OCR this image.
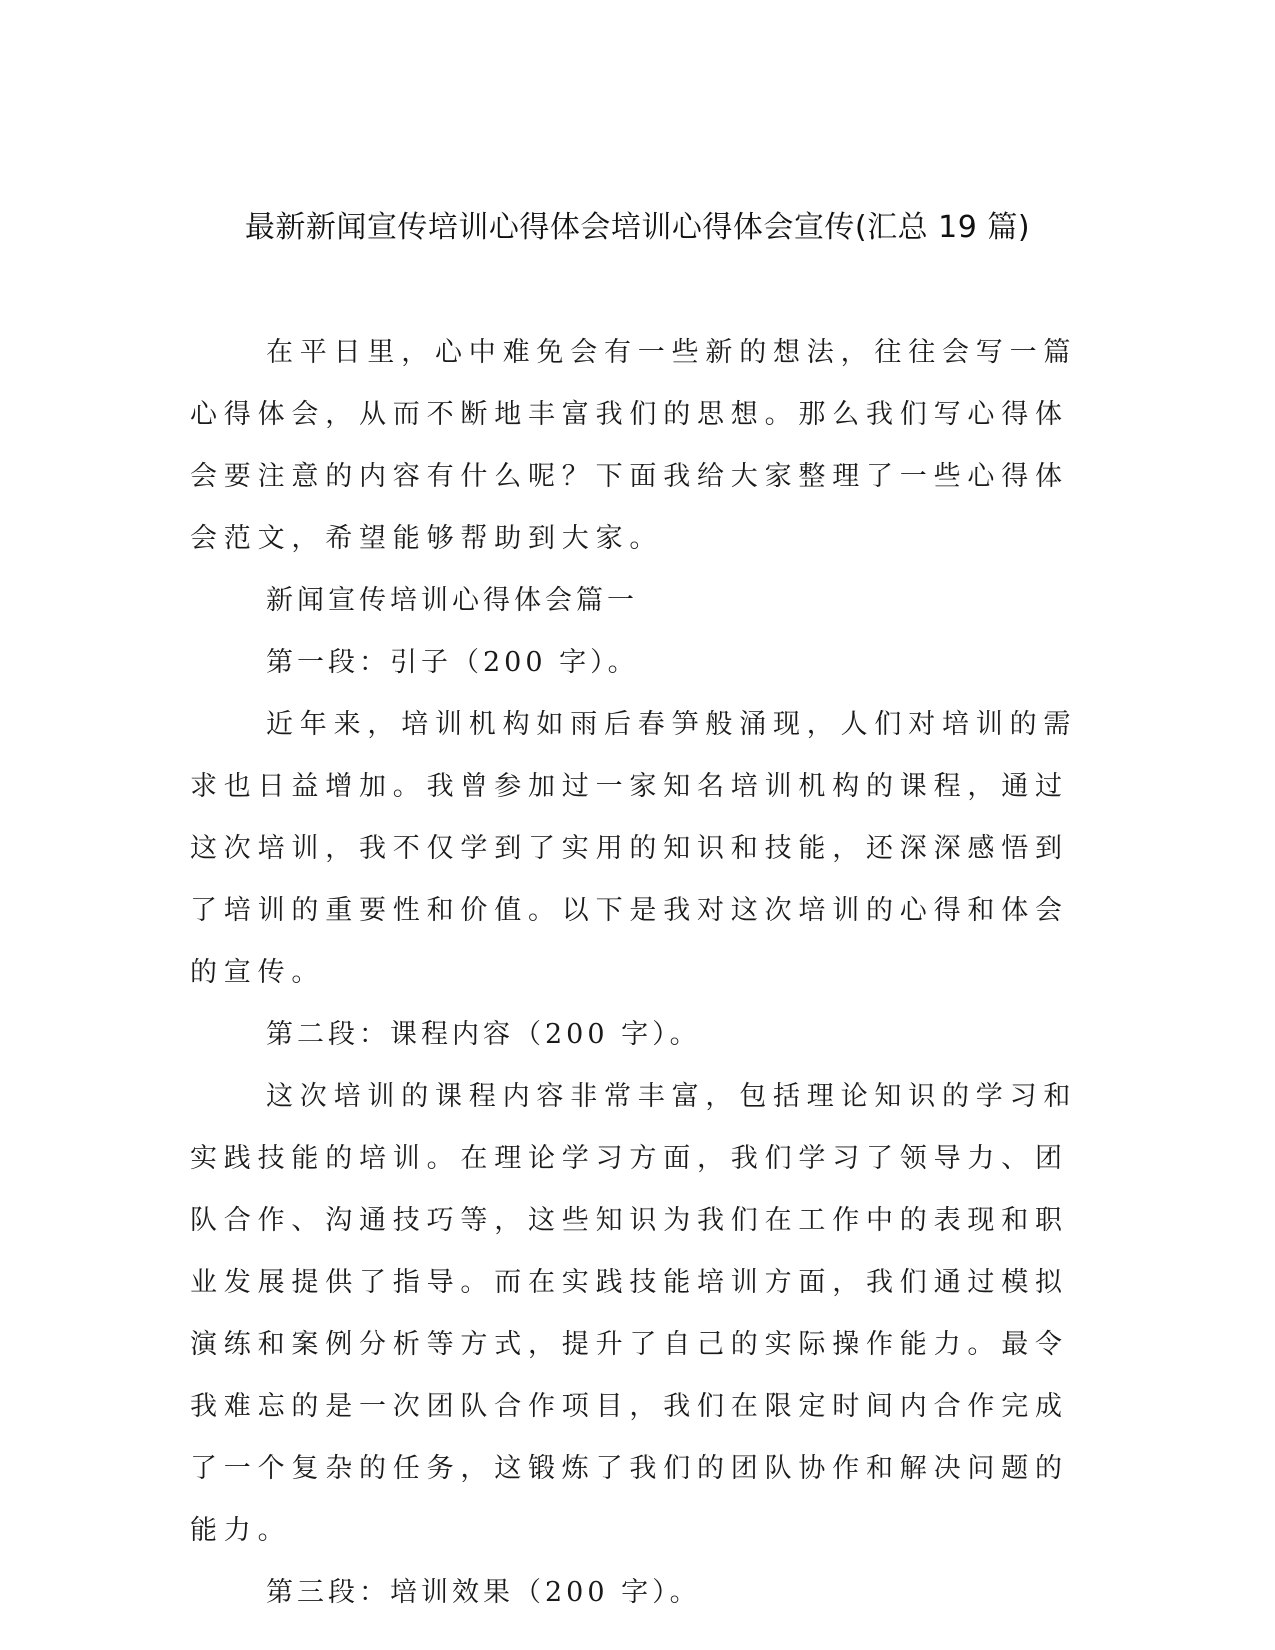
最新新闻宣传培训心得体会培训心得体会宣传(汇总 19 篇)

在平日里，心中难免会有一些新的想法，往往会写一篇心得体会，从而不断地丰富我们的思想。那么我们写心得体会要注意的内容有什么呢？下面我给大家整理了一些心得体会范文，希望能够帮助到大家。

新闻宣传培训心得体会篇一

第一段：引子（200 字）。

近年来，培训机构如雨后春笋般涌现，人们对培训的需求也日益增加。我曾参加过一家知名培训机构的课程，通过这次培训，我不仅学到了实用的知识和技能，还深深感悟到了培训的重要性和价值。以下是我对这次培训的心得和体会的宣传。

第二段：课程内容（200 字）。

这次培训的课程内容非常丰富，包括理论知识的学习和实践技能的培训。在理论学习方面，我们学习了领导力、团队合作、沟通技巧等，这些知识为我们在工作中的表现和职业发展提供了指导。而在实践技能培训方面，我们通过模拟演练和案例分析等方式，提升了自己的实际操作能力。最令我难忘的是一次团队合作项目，我们在限定时间内合作完成了一个复杂的任务，这锻炼了我们的团队协作和解决问题的能力。

第三段：培训效果（200 字）。
